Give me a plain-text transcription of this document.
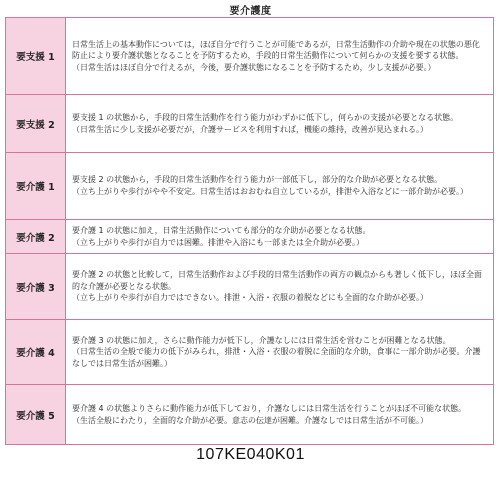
要介護度
要支援 1	日常生活上の基本動作については，ほぼ自分で行うことが可能であるが，日常生活動作の介助や現在の状態の悪化防止により要介護状態となることを予防するため，手段的日常生活動作について何らかの支援を要する状態。
（日常生活はほぼ自分で行えるが，今後，要介護状態になることを予防するため，少し支援が必要。）

要支援 2	要支援 1 の状態から，手段的日常生活動作を行う能力がわずかに低下し，何らかの支援が必要となる状態。
（日常生活に少し支援が必要だが，介護サービスを利用すれば，機能の維持，改善が見込まれる。）

要介護 1	要支援 2 の状態から，手段的日常生活動作を行う能力が一部低下し，部分的な介助が必要となる状態。
（立ち上がりや歩行がやや不安定。日常生活はおおむね自立しているが，排泄や入浴などに一部介助が必要。）

要介護 2	要介護 1 の状態に加え，日常生活動作についても部分的な介助が必要となる状態。
（立ち上がりや歩行が自力では困難。排泄や入浴にも一部または全介助が必要。）

要介護 3	要介護 2 の状態と比較して，日常生活動作および手段的日常生活動作の両方の観点からも著しく低下し，ほぼ全面的な介護が必要となる状態。
（立ち上がりや歩行が自力ではできない。排泄・入浴・衣服の着脱などにも全面的な介助が必要。）

要介護 4	要介護 3 の状態に加え，さらに動作能力が低下し，介護なしには日常生活を営むことが困難となる状態。
（日常生活の全般で能力の低下がみられ，排泄・入浴・衣服の着脱に全面的な介助，食事に一部介助が必要。介護なしでは日常生活が困難。）

要介護 5	要介護 4 の状態よりさらに動作能力が低下しており，介護なしには日常生活を行うことがほぼ不可能な状態。
（生活全般にわたり，全面的な介助が必要。意志の伝達が困難。介護なしでは日常生活が不可能。）
107KE040K01
